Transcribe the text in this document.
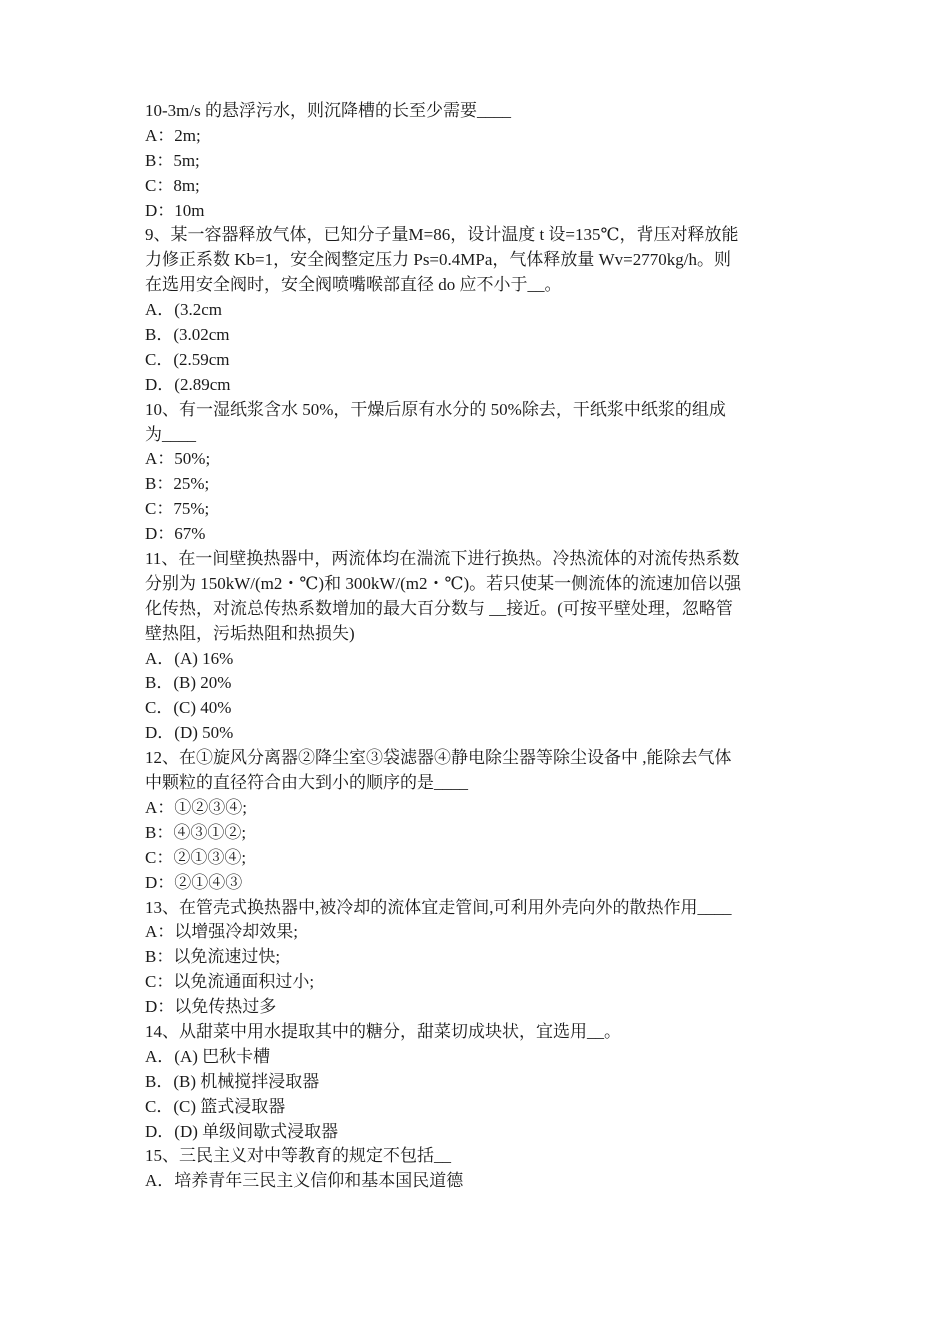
10-3m/s 的悬浮污水，则沉降槽的长至少需要____
A：2m;
B：5m;
C：8m;
D：10m
9、某一容器释放气体，已知分子量M=86，设计温度 t 设=135℃，背压对释放能
力修正系数 Kb=1，安全阀整定压力 Ps=0.4MPa，气体释放量 Wv=2770kg/h。则
在选用安全阀时，安全阀喷嘴喉部直径 do 应不小于__。
A．(3.2cm
B．(3.02cm
C．(2.59cm
D．(2.89cm
10、有一湿纸浆含水 50%，干燥后原有水分的 50%除去，干纸浆中纸浆的组成
为____
A：50%;
B：25%;
C：75%;
D：67%
11、在一间壁换热器中，两流体均在湍流下进行换热。冷热流体的对流传热系数
分别为 150kW/(m2・℃)和 300kW/(m2・℃)。若只使某一侧流体的流速加倍以强
化传热，对流总传热系数增加的最大百分数与 __接近。(可按平壁处理，忽略管
壁热阻，污垢热阻和热损失)
A．(A) 16%
B．(B) 20%
C．(C) 40%
D．(D) 50%
12、在①旋风分离器②降尘室③袋滤器④静电除尘器等除尘设备中 ,能除去气体
中颗粒的直径符合由大到小的顺序的是____
A：①②③④;
B：④③①②;
C：②①③④;
D：②①④③
13、在管壳式换热器中,被冷却的流体宜走管间,可利用外壳向外的散热作用____
A：以增强冷却效果;
B：以免流速过快;
C：以免流通面积过小;
D：以免传热过多
14、从甜菜中用水提取其中的糖分，甜菜切成块状，宜选用__。
A．(A) 巴秋卡槽
B．(B) 机械搅拌浸取器
C．(C) 篮式浸取器
D．(D) 单级间歇式浸取器
15、三民主义对中等教育的规定不包括__
A．培养青年三民主义信仰和基本国民道德
